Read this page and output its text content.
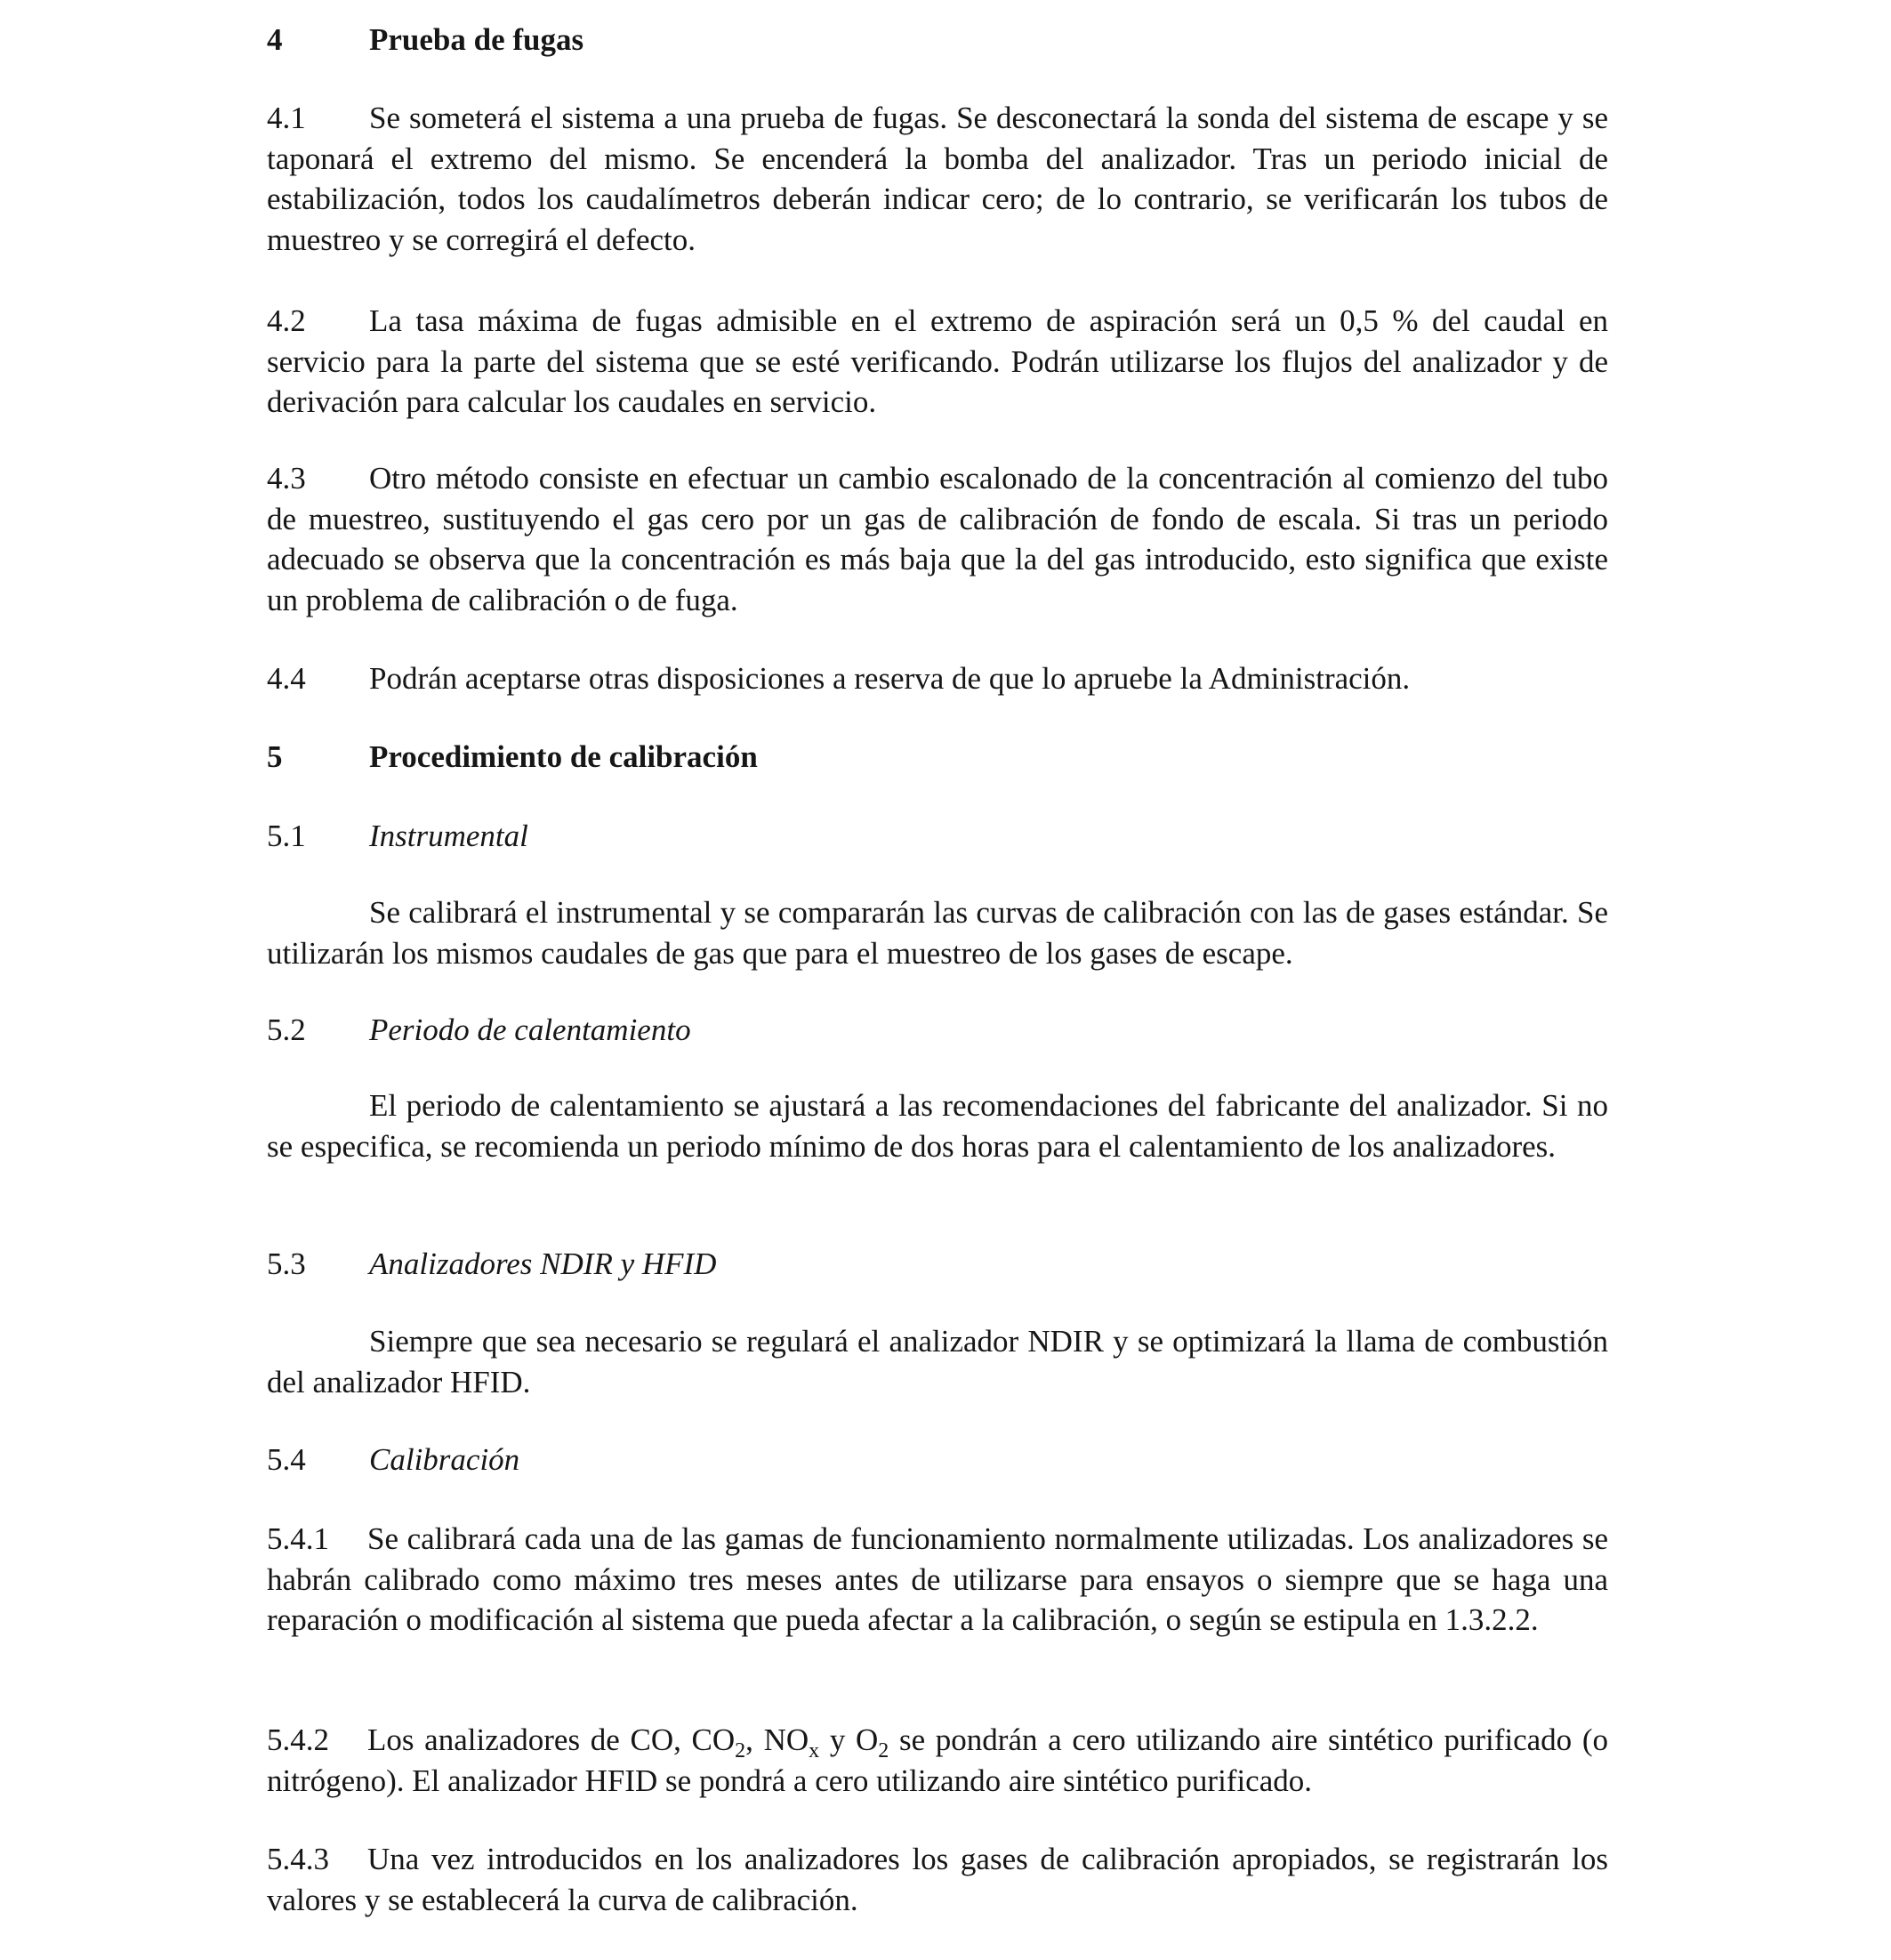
4	Prueba de fugas

4.1 Se someterá el sistema a una prueba de fugas. Se desconectará la sonda del sistema de escape y se taponará el extremo del mismo. Se encenderá la bomba del analizador. Tras un periodo inicial de estabilización, todos los caudalímetros deberán indicar cero; de lo contrario, se verificarán los tubos de muestreo y se corregirá el defecto.

4.2 La tasa máxima de fugas admisible en el extremo de aspiración será un 0,5 % del caudal en servicio para la parte del sistema que se esté verificando. Podrán utilizarse los flujos del analizador y de derivación para calcular los caudales en servicio.

4.3 Otro método consiste en efectuar un cambio escalonado de la concentración al comienzo del tubo de muestreo, sustituyendo el gas cero por un gas de calibración de fondo de escala. Si tras un periodo adecuado se observa que la concentración es más baja que la del gas introducido, esto significa que existe un problema de calibración o de fuga.

4.4 Podrán aceptarse otras disposiciones a reserva de que lo apruebe la Administración.

5	Procedimiento de calibración
5.1 Instrumental

Se calibrará el instrumental y se compararán las curvas de calibración con las de gases estándar. Se utilizarán los mismos caudales de gas que para el muestreo de los gases de escape.

5.2 Periodo de calentamiento

El periodo de calentamiento se ajustará a las recomendaciones del fabricante del analizador. Si no se especifica, se recomienda un periodo mínimo de dos horas para el calentamiento de los analizadores.

5.3 Analizadores NDIR y HFID

Siempre que sea necesario se regulará el analizador NDIR y se optimizará la llama de combustión del analizador HFID.

5.4 Calibración

5.4.1 Se calibrará cada una de las gamas de funcionamiento normalmente utilizadas. Los analizadores se habrán calibrado como máximo tres meses antes de utilizarse para ensayos o siempre que se haga una reparación o modificación al sistema que pueda afectar a la calibración, o según se estipula en 1.3.2.2.

5.4.2 Los analizadores de CO, $CO_2$, $NO_x$ y $O_2$ se pondrán a cero utilizando aire sintético purificado (o nitrógeno). El analizador HFID se pondrá a cero utilizando aire sintético purificado.

5.4.3 Una vez introducidos en los analizadores los gases de calibración apropiados, se registrarán los valores y se establecerá la curva de calibración.
